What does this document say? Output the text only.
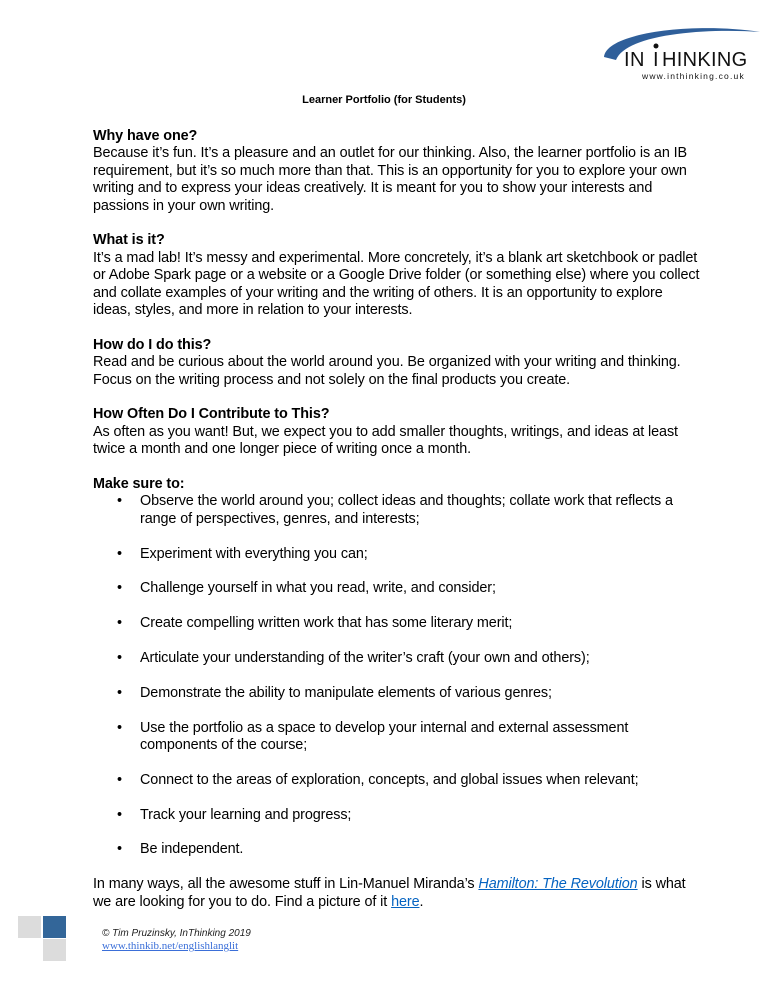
IN I HINKING
www.inthinking.co.uk
Learner Portfolio (for Students)

Why have one?
Because it’s fun. It’s a pleasure and an outlet for our thinking. Also, the learner portfolio is an IB requirement, but it’s so much more than that. This is an opportunity for you to explore your own writing and to express your ideas creatively. It is meant for you to show your interests and passions in your own writing.

What is it?
It’s a mad lab! It’s messy and experimental. More concretely, it’s a blank art sketchbook or padlet or Adobe Spark page or a website or a Google Drive folder (or something else) where you collect and collate examples of your writing and the writing of others. It is an opportunity to explore ideas, styles, and more in relation to your interests.

How do I do this?
Read and be curious about the world around you. Be organized with your writing and thinking. Focus on the writing process and not solely on the final products you create.

How Often Do I Contribute to This?
As often as you want! But, we expect you to add smaller thoughts, writings, and ideas at least twice a month and one longer piece of writing once a month.

Make sure to:
• Observe the world around you; collect ideas and thoughts; collate work that reflects a range of perspectives, genres, and interests;
• Experiment with everything you can;
• Challenge yourself in what you read, write, and consider;
• Create compelling written work that has some literary merit;
• Articulate your understanding of the writer’s craft (your own and others);
• Demonstrate the ability to manipulate elements of various genres;
• Use the portfolio as a space to develop your internal and external assessment components of the course;
• Connect to the areas of exploration, concepts, and global issues when relevant;
• Track your learning and progress;
• Be independent.

In many ways, all the awesome stuff in Lin-Manuel Miranda’s Hamilton: The Revolution is what we are looking for you to do. Find a picture of it here.

© Tim Pruzinsky, InThinking 2019
www.thinkib.net/englishlanglit
